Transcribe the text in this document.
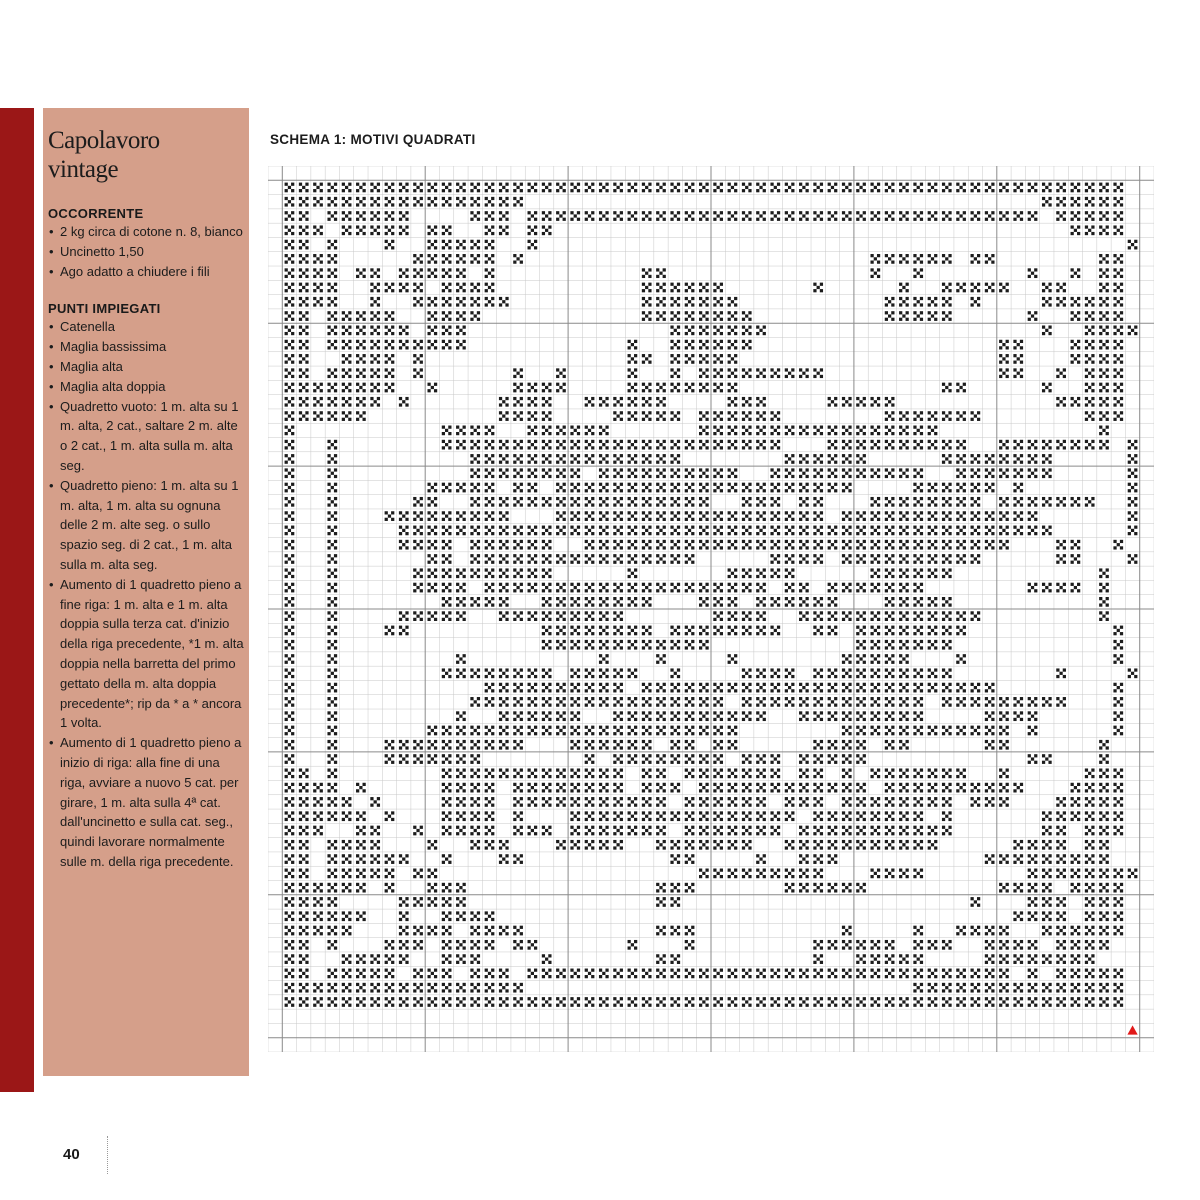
Capolavoro
vintage
OCCORRENTE
• 2 kg circa di cotone n. 8, bianco
• Uncinetto 1,50
• Ago adatto a chiudere i fili
PUNTI IMPIEGATI
• Catenella
• Maglia bassissima
• Maglia alta
• Maglia alta doppia
• Quadretto vuoto: 1 m. alta su 1 m. alta, 2 cat., saltare 2 m. alte o 2 cat., 1 m. alta sulla m. alta seg.
• Quadretto pieno: 1 m. alta su 1 m. alta, 1 m. alta su ognuna delle 2 m. alte seg. o sullo spazio seg. di 2 cat., 1 m. alta sulla m. alta seg.
• Aumento di 1 quadretto pieno a fine riga: 1 m. alta e 1 m. alta doppia sulla terza cat. d'inizio della riga precedente, *1 m. alta doppia nella barretta del primo gettato della m. alta doppia precedente*; rip da * a * ancora 1 volta.
• Aumento di 1 quadretto pieno a inizio di riga: alla fine di una riga, avviare a nuovo 5 cat. per girare, 1 m. alta sulla 4ª cat. dall'uncinetto e sulla cat. seg., quindi lavorare normalmente sulle m. della riga precedente.
SCHEMA 1: MOTIVI QUADRATI
40
